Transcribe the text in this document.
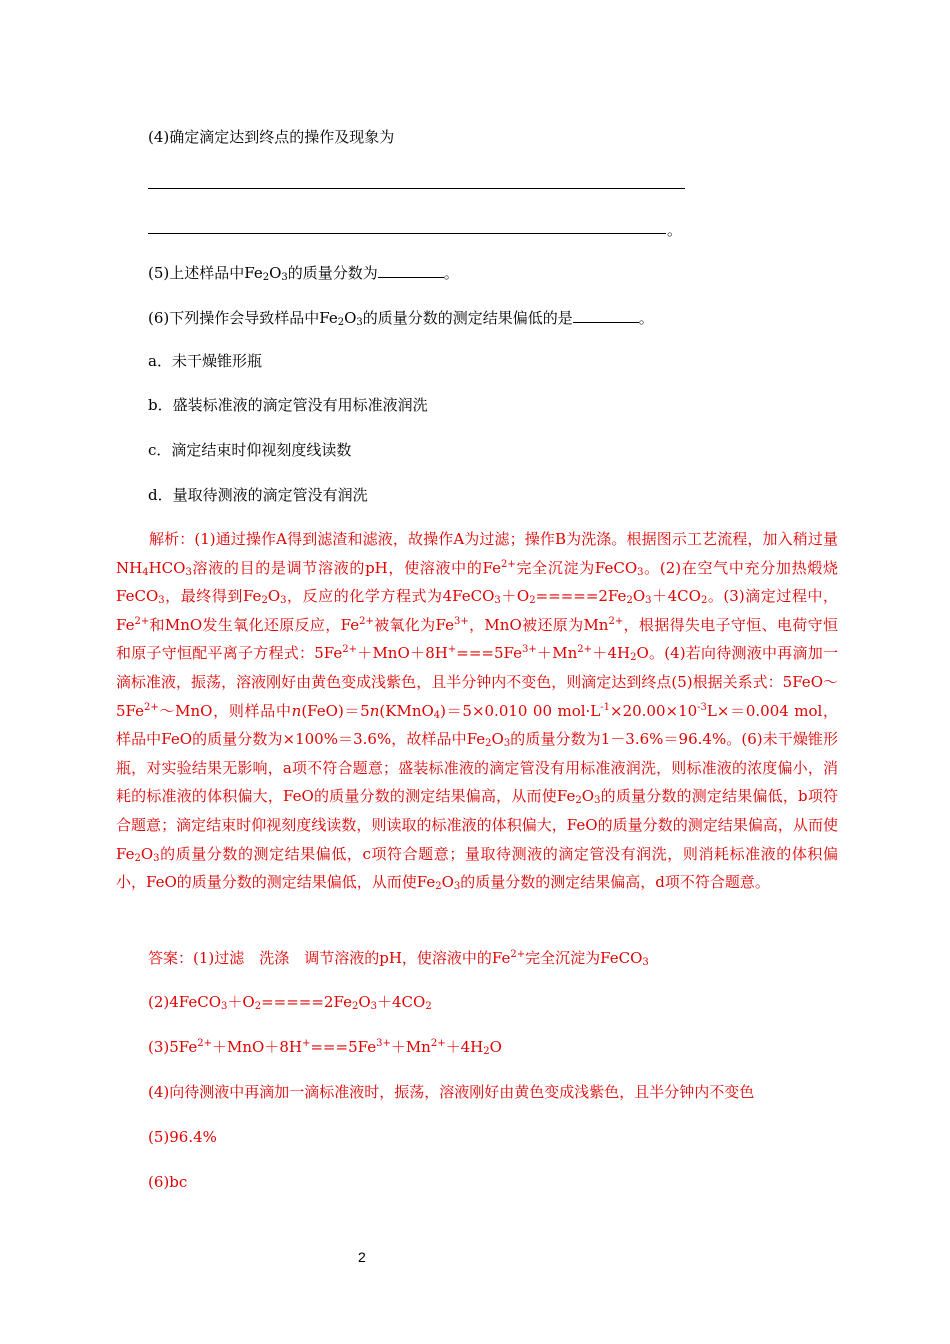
(4)确定滴定达到终点的操作及现象为
。
(5)上述样品中$Fe_2O_3$的质量分数为	。
(6)下列操作会导致样品中$Fe_2O_3$的质量分数的测定结果偏低的是	。
a．未干燥锥形瓶
b．盛装标准液的滴定管没有用标准液润洗
c．滴定结束时仰视刻度线读数
d．量取待测液的滴定管没有润洗

解析：(1)通过操作A得到滤渣和滤液，故操作A为过滤；操作B为洗涤。根据图示工艺流程，加入稍过量$NH_4HCO_3$溶液的目的是调节溶液的pH，使溶液中的$Fe^{2+}$完全沉淀为FeCO$_3$。(2)在空气中充分加热煅烧FeCO$_3$，最终得到$Fe_2O_3$，反应的化学方程式为$4FeCO_3+O_2=====2Fe_2O_3+4CO_2$。(3)滴定过程中，$Fe^{2+}$和MnO发生氧化还原反应，$Fe^{2+}$被氧化为$Fe^{3+}$，MnO被还原为$Mn^{2+}$，根据得失电子守恒、电荷守恒和原子守恒配平离子方程式：$5Fe^{2+}+MnO+8H^+===5Fe^{3+}+Mn^{2+}+4H_2O$。(4)若向待测液中再滴加一滴标准液，振荡，溶液刚好由黄色变成浅紫色，且半分钟内不变色，则滴定达到终点(5)根据关系式：$5FeO\sim 5Fe^{2+}\sim MnO$，则样品中n(FeO)＝5n(KMnO$_4$)＝5×0.010 00 $mol\cdot L^{-1}\times 20.00\times 10^{-3}L\times=0.004$ mol，样品中FeO的质量分数为×100%＝3.6%，故样品中$Fe_2O_3$的质量分数为1－3.6%＝96.4%。(6)未干燥锥形瓶，对实验结果无影响，a项不符合题意；盛装标准液的滴定管没有用标准液润洗，则标准液的浓度偏小，消耗的标准液的体积偏大，FeO的质量分数的测定结果偏高，从而使$Fe_2O_3$的质量分数的测定结果偏低，b项符合题意；滴定结束时仰视刻度线读数，则读取的标准液的体积偏大，FeO的质量分数的测定结果偏高，从而使$Fe_2O_3$的质量分数的测定结果偏低，c项符合题意；量取待测液的滴定管没有润洗，则消耗标准液的体积偏小，FeO的质量分数的测定结果偏低，从而使$Fe_2O_3$的质量分数的测定结果偏高，d项不符合题意。

答案：(1)过滤　洗涤　调节溶液的pH，使溶液中的$Fe^{2+}$完全沉淀为FeCO$_3$
$(2)4FeCO_3+O_2=====2Fe_2O_3+4CO_2$
$(3)5Fe^{2+}+MnO+8H^+===5Fe^{3+}+Mn^{2+}+4H_2O$
(4)向待测液中再滴加一滴标准液时，振荡，溶液刚好由黄色变成浅紫色，且半分钟内不变色
(5)96.4%
(6)bc
2
